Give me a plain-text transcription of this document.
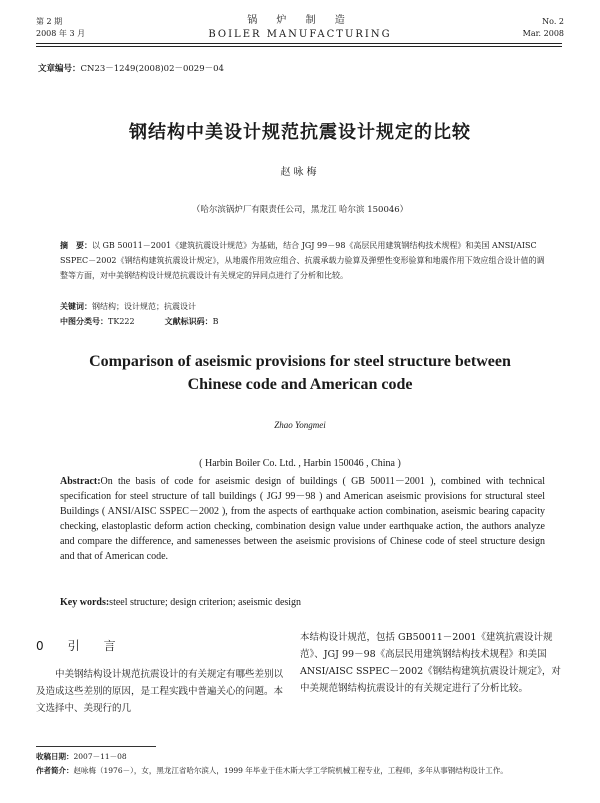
第 2 期
2008 年 3 月
锅 炉 制 造
BOILER MANUFACTURING
No. 2
Mar. 2008
文章编号：CN23－1249(2008)02－0029－04
钢结构中美设计规范抗震设计规定的比较
赵咏梅
（哈尔滨锅炉厂有限责任公司，黑龙江 哈尔滨 150046）
摘　要：以 GB 50011－2001《建筑抗震设计规范》为基础，结合 JGJ 99－98《高层民用建筑钢结构技术规程》和美国 ANSI/AISC SSPEC－2002《钢结构建筑抗震设计规定》，从地震作用效应组合、抗震承载力验算及弹塑性变形验算和地震作用下效应组合设计值的调整等方面，对中美钢结构设计规范抗震设计有关规定的异同点进行了分析和比较。
关键词：钢结构；设计规范；抗震设计
中图分类号：TK222	文献标识码：B
Comparison of aseismic provisions for steel structure between
Chinese code and American code
Zhao Yongmei
( Harbin Boiler Co. Ltd. , Harbin 150046 , China )
Abstract:On the basis of code for aseismic design of buildings ( GB 50011－2001 ), combined with technical specification for steel structure of tall buildings ( JGJ 99－98 ) and American aseismic provisions for structural steel Buildings ( ANSI/AISC SSPEC－2002 ), from the aspects of earthquake action combination, aseismic bearing capacity checking, elastoplastic deform action checking, combination design value under earthquake action, the authors analyze and compare the difference, and samenesses between the aseismic provisions of Chinese code of steel structure design and that of American code.
Key words:steel structure; design criterion; aseismic design
0　引　言
中美钢结构设计规范抗震设计的有关规定有哪些差别以及造成这些差别的原因，是工程实践中普遍关心的问题。本文选择中、美现行的几
本结构设计规范，包括 GB50011－2001《建筑抗震设计规范》、JGJ 99－98《高层民用建筑钢结构技术规程》和美国 ANSI/AISC SSPEC－2002《钢结构建筑抗震设计规定》，对中美规范钢结构抗震设计的有关规定进行了分析比较。
收稿日期：2007－11－08
作者简介：赵咏梅（1976－），女，黑龙江省哈尔滨人，1999 年毕业于佳木斯大学工学院机械工程专业，工程师，多年从事钢结构设计工作。
